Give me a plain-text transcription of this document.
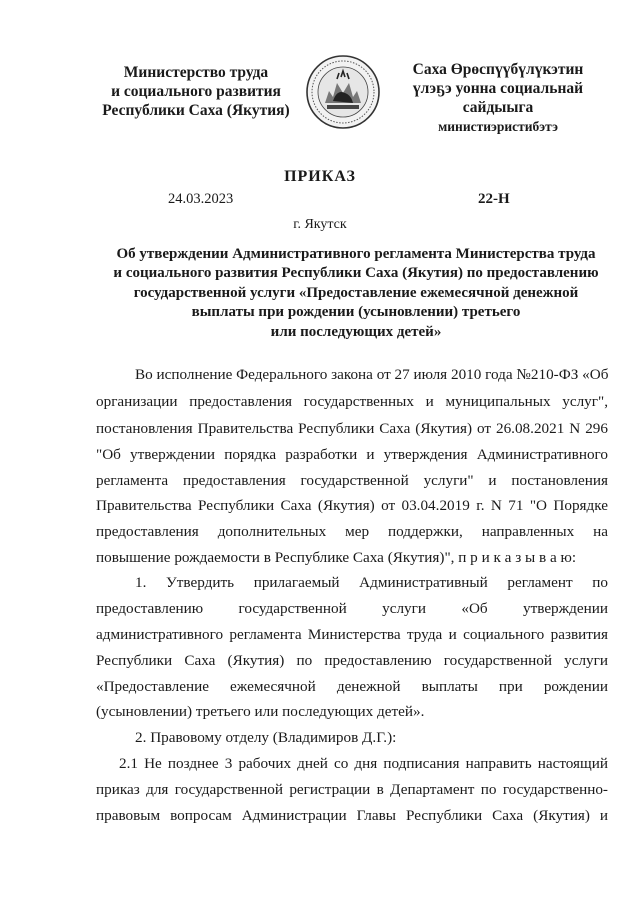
Министерство труда
и социального развития
Республики Саха (Якутия)
Саха Өрөспүүбүлүкэтин
үлэҕэ уонна социальнай
сайдыыга
министиэристибэтэ
ПРИКАЗ
24.03.2023	22-Н
г. Якутск
Об утверждении Административного регламента Министерства труда
и социального развития Республики Саха (Якутия) по предоставлению
государственной услуги «Предоставление ежемесячной денежной
выплаты при рождении (усыновлении) третьего
или последующих детей»
Во исполнение Федерального закона от 27 июля 2010 года №210-ФЗ «Об
организации предоставления государственных и муниципальных услуг",
постановления Правительства Республики Саха (Якутия) от 26.08.2021 N 296
"Об утверждении порядка разработки и утверждения Административного
регламента предоставления государственной услуги" и постановления
Правительства Республики Саха (Якутия) от 03.04.2019 г. N 71 "О Порядке
предоставления дополнительных мер поддержки, направленных на
повышение рождаемости в Республике Саха (Якутия)", п р и к а з ы в а ю:
1. Утвердить прилагаемый Административный регламент по
предоставлению государственной услуги «Об утверждении
административного регламента Министерства труда и социального развития
Республики Саха (Якутия) по предоставлению государственной услуги
«Предоставление ежемесячной денежной выплаты при рождении
(усыновлении) третьего или последующих детей».
2. Правовому отделу (Владимиров Д.Г.):
2.1 Не позднее 3 рабочих дней со дня подписания направить настоящий
приказ для государственной регистрации в Департамент по государственно-
правовым вопросам Администрации Главы Республики Саха (Якутия) и
